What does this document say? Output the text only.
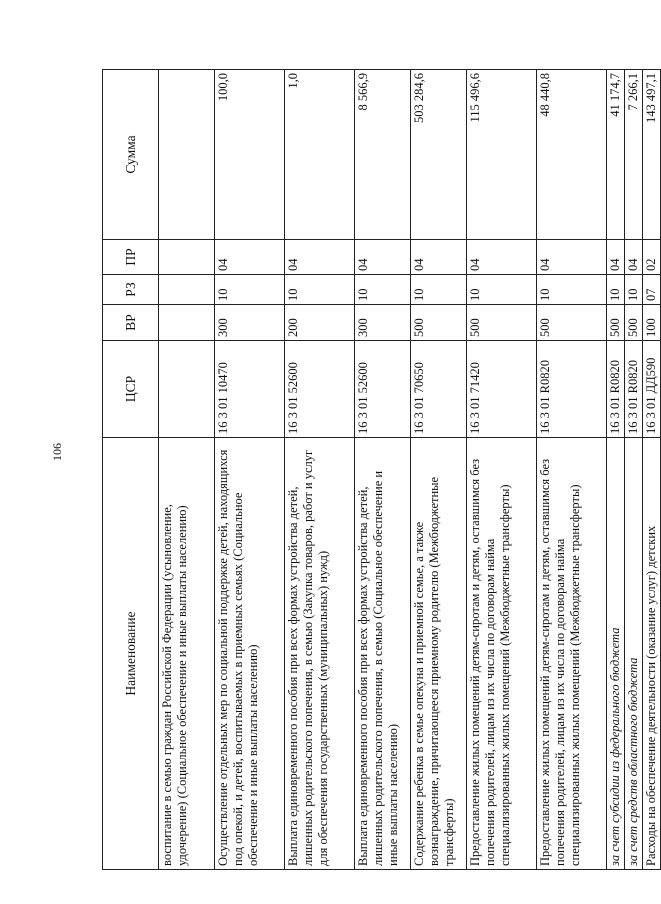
106
Наименование	ЦСР	ВР	РЗ	ПР	Сумма
воспитание в семью граждан Российской Федерации (усыновление, удочерение) (Социальное обеспечение и иные выплаты населению)					
Осуществление отдельных мер по социальной поддержке детей, находящихся под опекой, и детей, воспитываемых в приемных семьях (Социальное обеспечение и иные выплаты населению)	16 3 01 10470	300	10	04	100,0
Выплата единовременного пособия при всех формах устройства детей, лишенных родительского попечения, в семью (Закупка товаров, работ и услуг для обеспечения государственных (муниципальных) нужд)	16 3 01 52600	200	10	04	1,0
Выплата единовременного пособия при всех формах устройства детей, лишенных родительского попечения, в семью (Социальное обеспечение и иные выплаты населению)	16 3 01 52600	300	10	04	8 566,9
Содержание ребенка в семье опекуна и приемной семье, а также вознаграждение, причитающееся приемному родителю (Межбюджетные трансферты)	16 3 01 70650	500	10	04	503 284,6
Предоставление жилых помещений детям-сиротам и детям, оставшимся без попечения родителей, лицам из их числа по договорам найма специализированных жилых помещений (Межбюджетные трансферты)	16 3 01 71420	500	10	04	115 496,6
Предоставление жилых помещений детям-сиротам и детям, оставшимся без попечения родителей, лицам из их числа по договорам найма специализированных жилых помещений (Межбюджетные трансферты)	16 3 01 R0820	500	10	04	48 440,8
за счет субсидии из федерального бюджета	16 3 01 R0820	500	10	04	41 174,7
за счет средств областного бюджета	16 3 01 R0820	500	10	04	7 266,1
Расходы на обеспечение деятельности (оказание услуг) детских	16 3 01 ДД590	100	07	02	143 497,1
